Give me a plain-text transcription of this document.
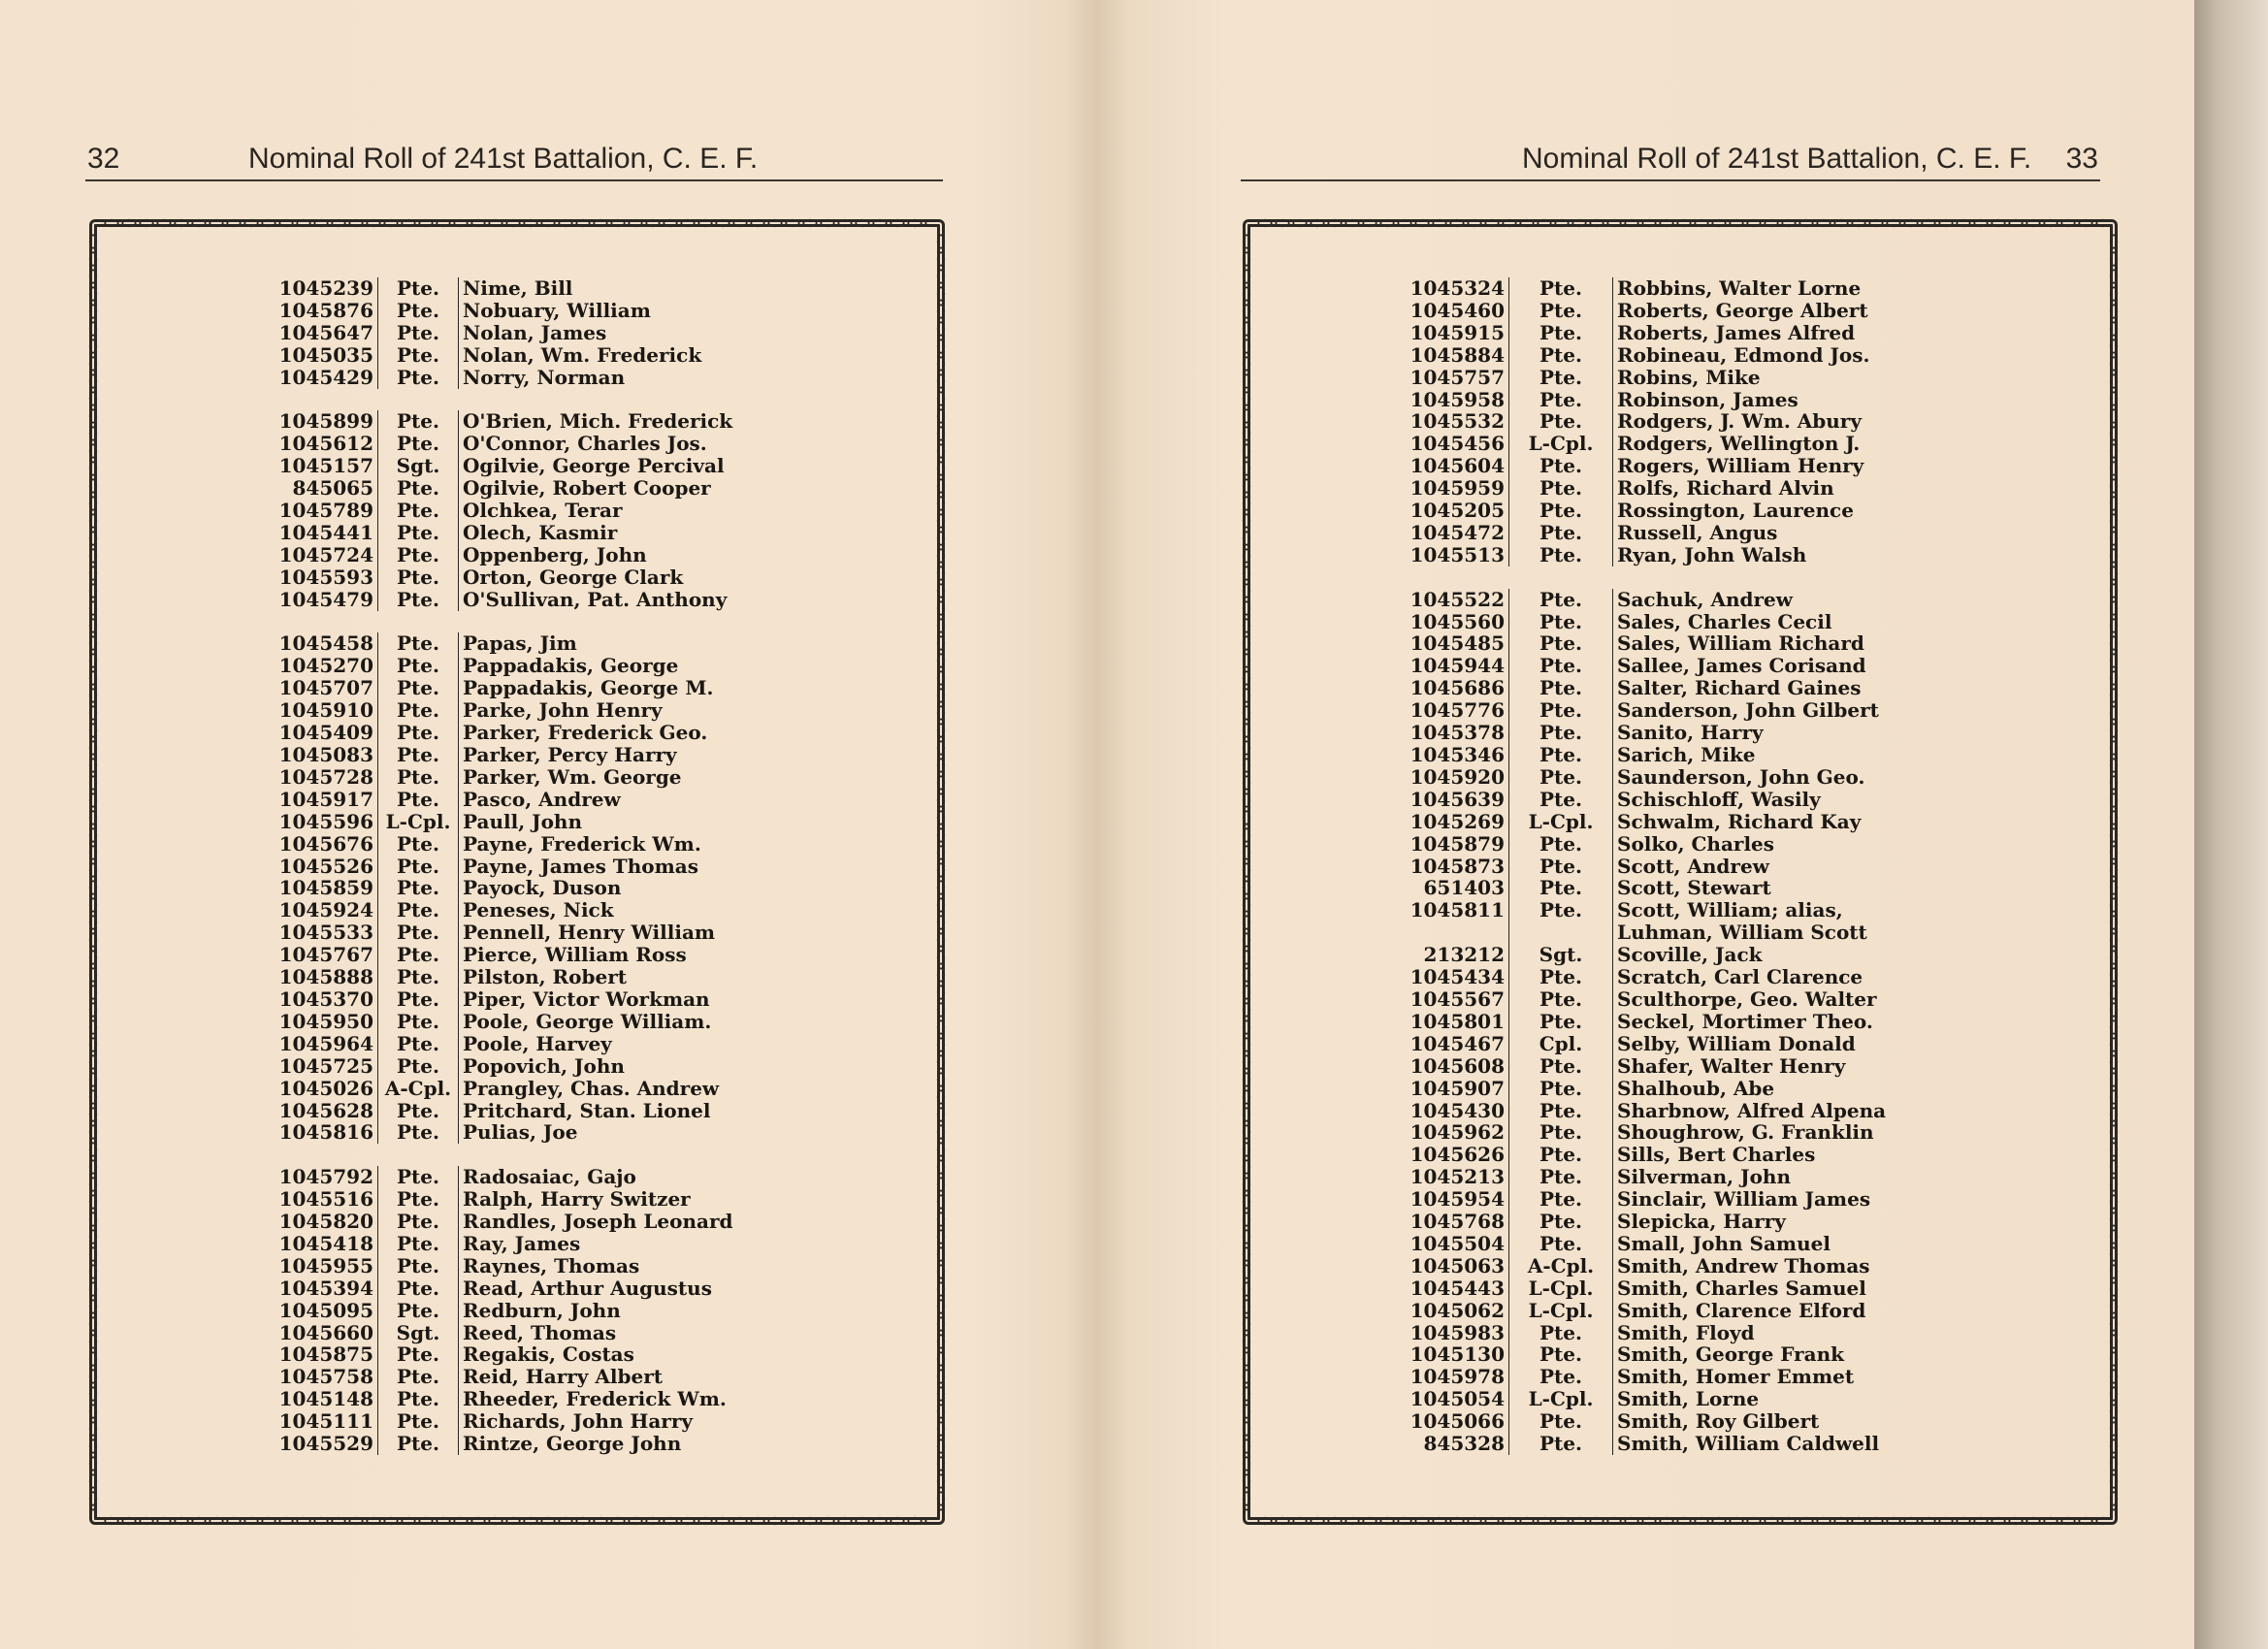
32	Nominal Roll of 241st Battalion, C. E. F.
1045239	Pte.	Nime, Bill
1045876	Pte.	Nobuary, William
1045647	Pte.	Nolan, James
1045035	Pte.	Nolan, Wm. Frederick
1045429	Pte.	Norry, Norman

1045899	Pte.	O'Brien, Mich. Frederick
1045612	Pte.	O'Connor, Charles Jos.
1045157	Sgt.	Ogilvie, George Percival
845065	Pte.	Ogilvie, Robert Cooper
1045789	Pte.	Olchkea, Terar
1045441	Pte.	Olech, Kasmir
1045724	Pte.	Oppenberg, John
1045593	Pte.	Orton, George Clark
1045479	Pte.	O'Sullivan, Pat. Anthony

1045458	Pte.	Papas, Jim
1045270	Pte.	Pappadakis, George
1045707	Pte.	Pappadakis, George M.
1045910	Pte.	Parke, John Henry
1045409	Pte.	Parker, Frederick Geo.
1045083	Pte.	Parker, Percy Harry
1045728	Pte.	Parker, Wm. George
1045917	Pte.	Pasco, Andrew
1045596	L-Cpl.	Paull, John
1045676	Pte.	Payne, Frederick Wm.
1045526	Pte.	Payne, James Thomas
1045859	Pte.	Payock, Duson
1045924	Pte.	Peneses, Nick
1045533	Pte.	Pennell, Henry William
1045767	Pte.	Pierce, William Ross
1045888	Pte.	Pilston, Robert
1045370	Pte.	Piper, Victor Workman
1045950	Pte.	Poole, George William.
1045964	Pte.	Poole, Harvey
1045725	Pte.	Popovich, John
1045026	A-Cpl.	Prangley, Chas. Andrew
1045628	Pte.	Pritchard, Stan. Lionel
1045816	Pte.	Pulias, Joe

1045792	Pte.	Radosaiac, Gajo
1045516	Pte.	Ralph, Harry Switzer
1045820	Pte.	Randles, Joseph Leonard
1045418	Pte.	Ray, James
1045955	Pte.	Raynes, Thomas
1045394	Pte.	Read, Arthur Augustus
1045095	Pte.	Redburn, John
1045660	Sgt.	Reed, Thomas
1045875	Pte.	Regakis, Costas
1045758	Pte.	Reid, Harry Albert
1045148	Pte.	Rheeder, Frederick Wm.
1045111	Pte.	Richards, John Harry
1045529	Pte.	Rintze, George John
Nominal Roll of 241st Battalion, C. E. F. 33
1045324	Pte.	Robbins, Walter Lorne
1045460	Pte.	Roberts, George Albert
1045915	Pte.	Roberts, James Alfred
1045884	Pte.	Robineau, Edmond Jos.
1045757	Pte.	Robins, Mike
1045958	Pte.	Robinson, James
1045532	Pte.	Rodgers, J. Wm. Abury
1045456	L-Cpl.	Rodgers, Wellington J.
1045604	Pte.	Rogers, William Henry
1045959	Pte.	Rolfs, Richard Alvin
1045205	Pte.	Rossington, Laurence
1045472	Pte.	Russell, Angus
1045513	Pte.	Ryan, John Walsh

1045522	Pte.	Sachuk, Andrew
1045560	Pte.	Sales, Charles Cecil
1045485	Pte.	Sales, William Richard
1045944	Pte.	Sallee, James Corisand
1045686	Pte.	Salter, Richard Gaines
1045776	Pte.	Sanderson, John Gilbert
1045378	Pte.	Sanito, Harry
1045346	Pte.	Sarich, Mike
1045920	Pte.	Saunderson, John Geo.
1045639	Pte.	Schischloff, Wasily
1045269	L-Cpl.	Schwalm, Richard Kay
1045879	Pte.	Solko, Charles
1045873	Pte.	Scott, Andrew
651403	Pte.	Scott, Stewart
1045811	Pte.	Scott, William; alias,
		Luhman, William Scott
213212	Sgt.	Scoville, Jack
1045434	Pte.	Scratch, Carl Clarence
1045567	Pte.	Sculthorpe, Geo. Walter
1045801	Pte.	Seckel, Mortimer Theo.
1045467	Cpl.	Selby, William Donald
1045608	Pte.	Shafer, Walter Henry
1045907	Pte.	Shalhoub, Abe
1045430	Pte.	Sharbnow, Alfred Alpena
1045962	Pte.	Shoughrow, G. Franklin
1045626	Pte.	Sills, Bert Charles
1045213	Pte.	Silverman, John
1045954	Pte.	Sinclair, William James
1045768	Pte.	Slepicka, Harry
1045504	Pte.	Small, John Samuel
1045063	A-Cpl.	Smith, Andrew Thomas
1045443	L-Cpl.	Smith, Charles Samuel
1045062	L-Cpl.	Smith, Clarence Elford
1045983	Pte.	Smith, Floyd
1045130	Pte.	Smith, George Frank
1045978	Pte.	Smith, Homer Emmet
1045054	L-Cpl.	Smith, Lorne
1045066	Pte.	Smith, Roy Gilbert
845328	Pte.	Smith, William Caldwell
